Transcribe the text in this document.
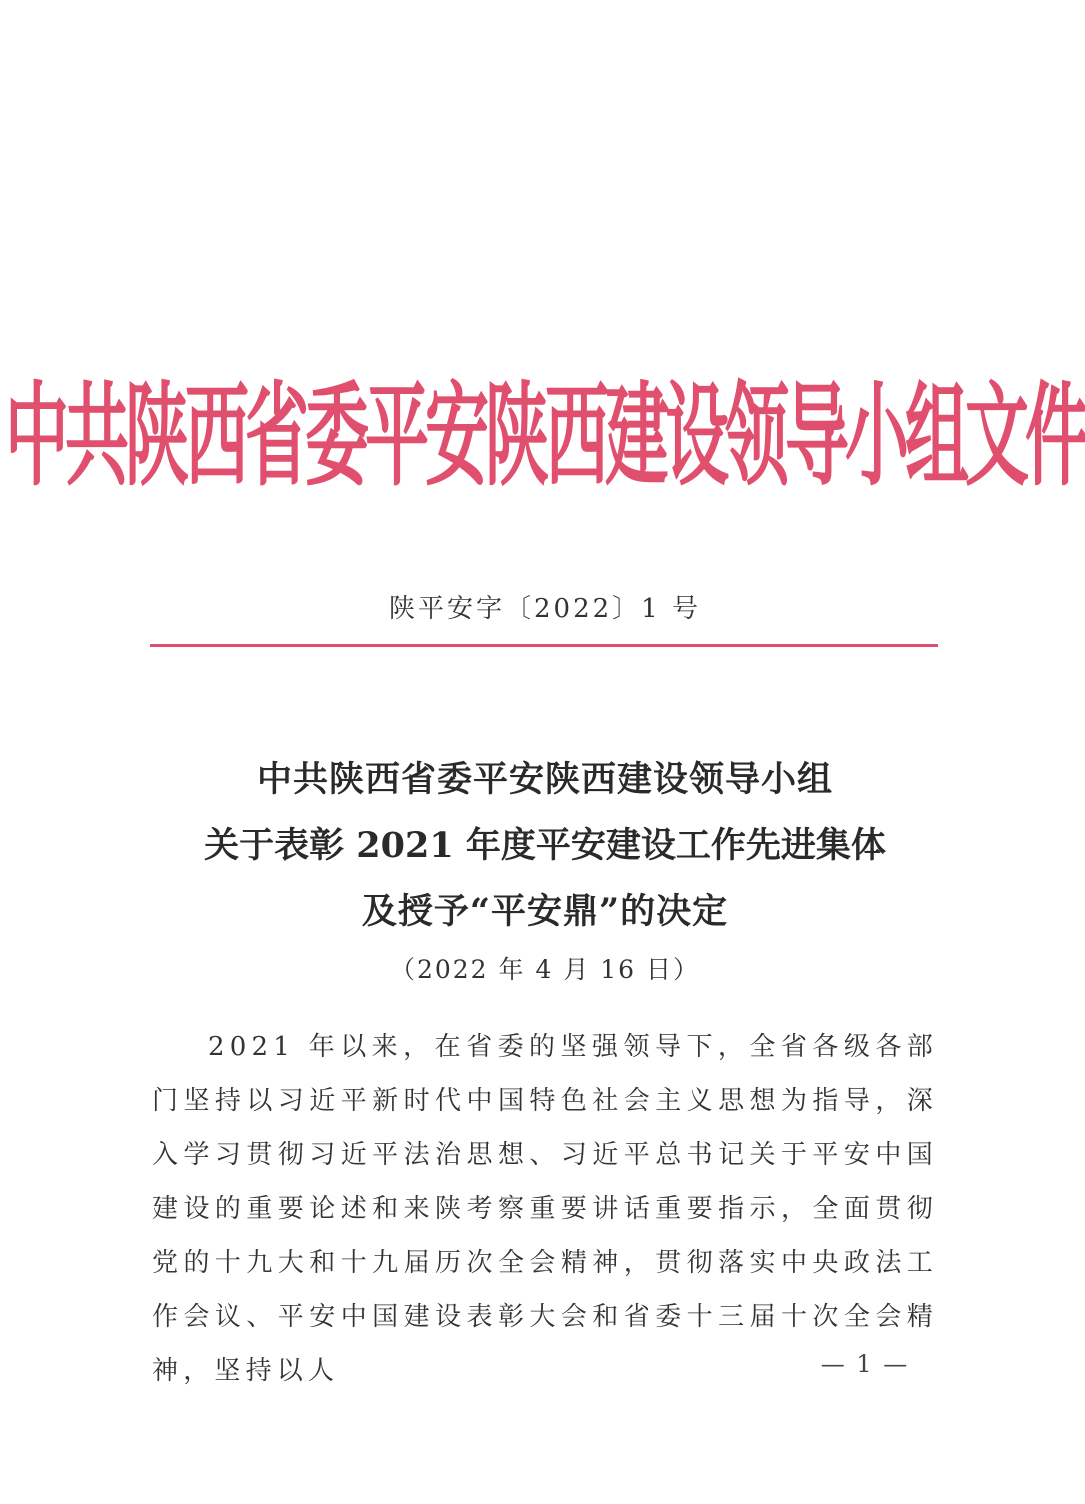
中共陕西省委平安陕西建设领导小组文件
陕平安字〔2022〕1 号
中共陕西省委平安陕西建设领导小组
关于表彰 2021 年度平安建设工作先进集体
及授予“平安鼎”的决定
（2022 年 4 月 16 日）

2021 年以来，在省委的坚强领导下，全省各级各部门坚持以习近平新时代中国特色社会主义思想为指导，深入学习贯彻习近平法治思想、习近平总书记关于平安中国建设的重要论述和来陕考察重要讲话重要指示，全面贯彻党的十九大和十九届历次全会精神，贯彻落实中央政法工作会议、平安中国建设表彰大会和省委十三届十次全会精神，坚持以人	— 1 —
